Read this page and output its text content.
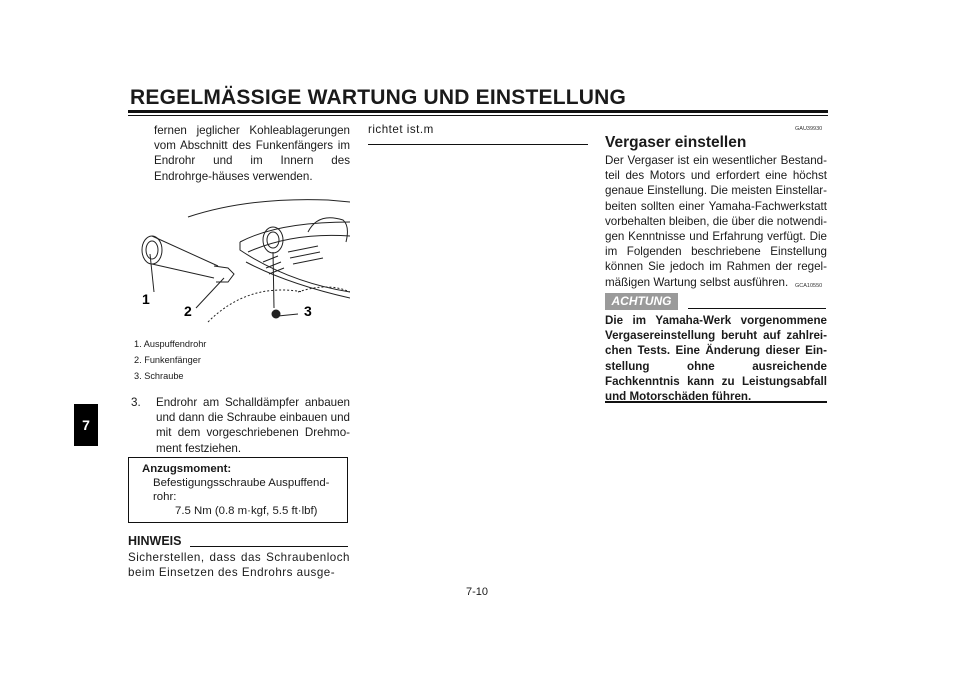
REGELMÄSSIGE WARTUNG UND EINSTELLUNG
7
fernen jeglicher Kohleablagerungen vom Abschnitt des Funkenfängers im Endrohr und im Innern des Endrohrge-häuses verwenden.
1
2	3
1. Auspuffendrohr
2. Funkenfänger
3. Schraube
3. Endrohr am Schalldämpfer anbauen und dann die Schraube einbauen und mit dem vorgeschriebenen Drehmo-ment festziehen.
Anzugsmoment:
Befestigungsschraube Auspuffend-rohr:
7.5 Nm (0.8 m·kgf, 5.5 ft·lbf)
HINWEIS
Sicherstellen, dass das Schraubenloch beim Einsetzen des Endrohrs ausge-
richtet ist.m	GAU39930
Vergaser einstellen
Der Vergaser ist ein wesentlicher Bestand-teil des Motors und erfordert eine höchst genaue Einstellung. Die meisten Einstellar-beiten sollten einer Yamaha-Fachwerkstatt vorbehalten bleiben, die über die notwendi-gen Kenntnisse und Erfahrung verfügt. Die im Folgenden beschriebene Einstellung können Sie jedoch im Rahmen der regel-mäßigen Wartung selbst ausführen.	GCA10550
ACHTUNG
Die im Yamaha-Werk vorgenommene Vergasereinstellung beruht auf zahlrei-chen Tests. Eine Änderung dieser Ein-stellung ohne ausreichende Fachkenntnis kann zu Leistungsabfall und Motorschäden führen.
7-10
